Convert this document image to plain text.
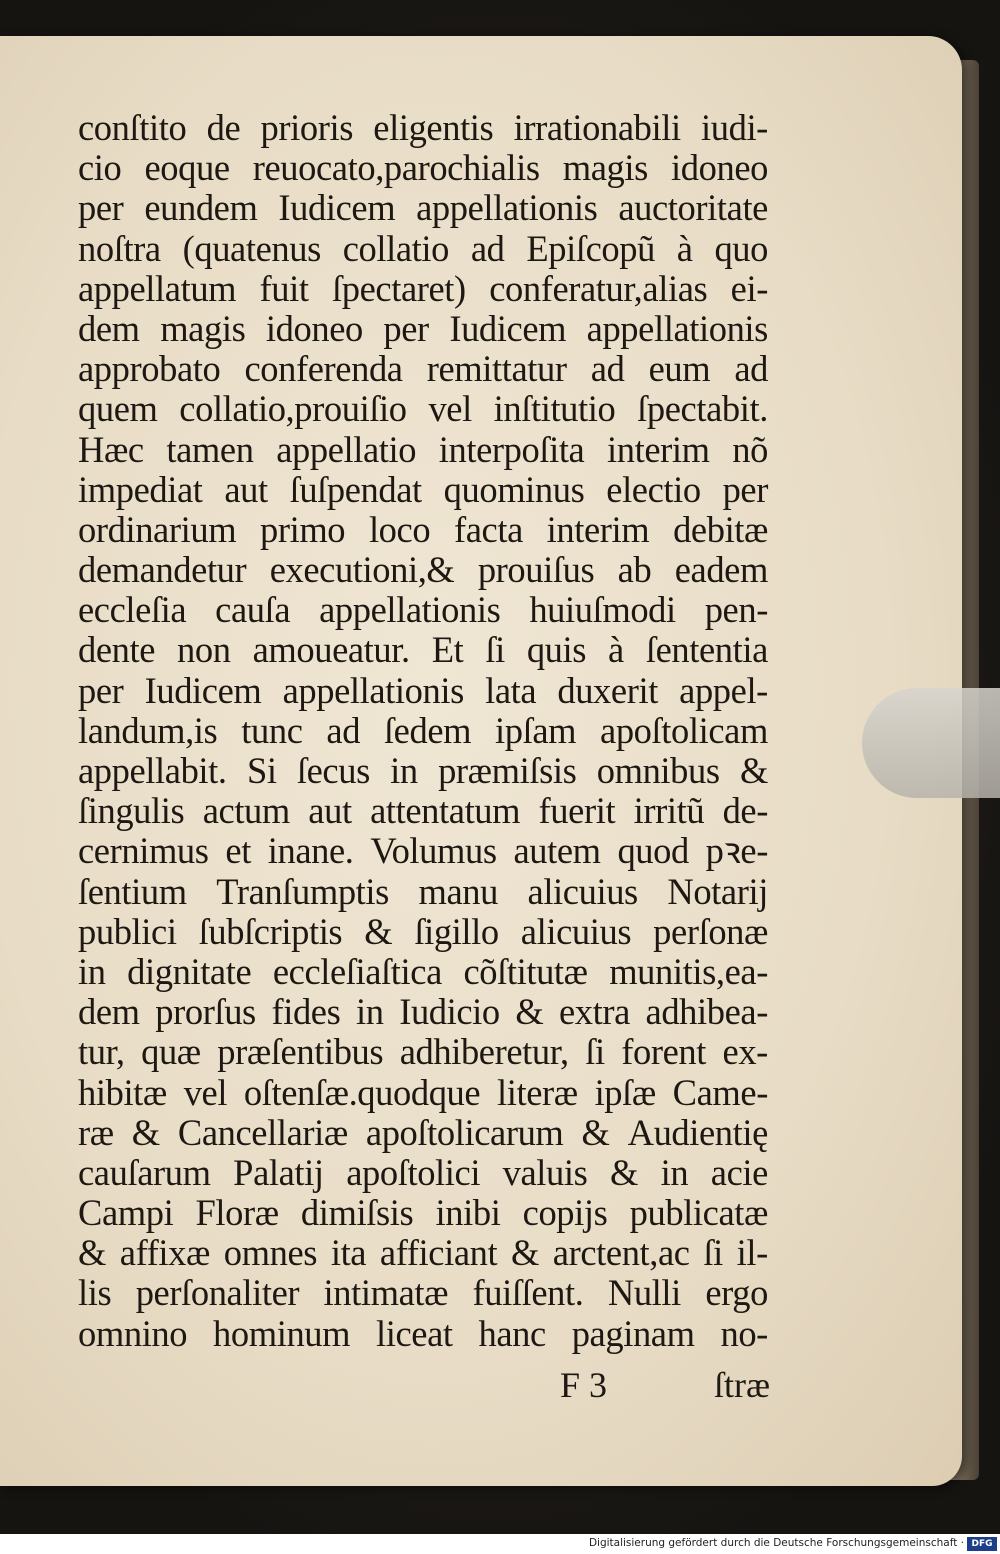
conſtito de prioris eligentis irrationabili iudi-
cio eoque reuocato,parochialis magis idoneo
per eundem Iudicem appellationis auctoritate
noſtra (quatenus collatio ad Epiſcopũ à quo
appellatum fuit ſpectaret) conferatur,alias ei-
dem magis idoneo per Iudicem appellationis
approbato conferenda remittatur ad eum ad
quem collatio,prouiſio vel inſtitutio ſpectabit.
Hæc tamen appellatio interpoſita interim nõ
impediat aut ſuſpendat quominus electio per
ordinarium primo loco facta interim debitæ
demandetur executioni,& prouiſus ab eadem
eccleſia cauſa appellationis huiuſmodi pen-
dente non amoueatur. Et ſi quis à ſententia
per Iudicem appellationis lata duxerit appel-
landum,is tunc ad ſedem ipſam apoſtolicam
appellabit. Si ſecus in præmiſsis omnibus &
ſingulis actum aut attentatum fuerit irritũ de-
cernimus et inane. Volumus autem quod pꝛe-
ſentium Tranſumptis manu alicuius Notarij
publici ſubſcriptis & ſigillo alicuius perſonæ
in dignitate eccleſiaſtica cõſtitutæ munitis,ea-
dem prorſus fides in Iudicio & extra adhibea-
tur, quæ præſentibus adhiberetur, ſi forent ex-
hibitæ vel oſtenſæ.quodque literæ ipſæ Came-
ræ & Cancellariæ apoſtolicarum & Audientię
cauſarum Palatij apoſtolici valuis & in acie
Campi Floræ dimiſsis inibi copijs publicatæ
& affixæ omnes ita afficiant & arctent,ac ſi il-
lis perſonaliter intimatæ fuiſſent. Nulli ergo
omnino hominum liceat hanc paginam no-
F 3	ſtræ
Digitalisierung gefördert durch die Deutsche Forschungsgemeinschaft · DFG
